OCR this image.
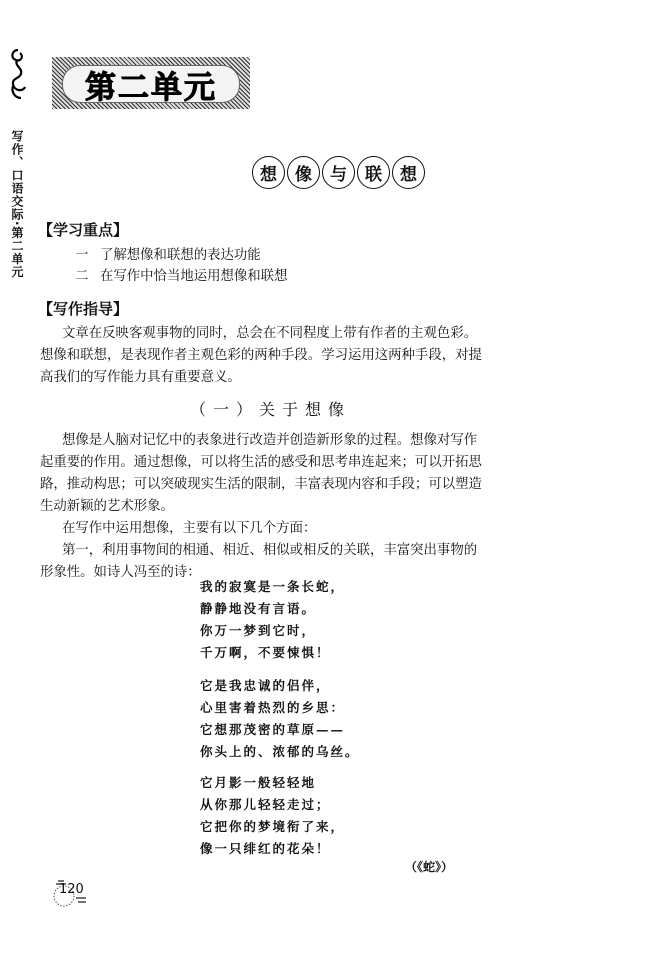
第二单元
写作、口语交际·第二单元	想	像	与	联	想
【学习重点】
一 了解想像和联想的表达功能
二 在写作中恰当地运用想像和联想
【写作指导】
文章在反映客观事物的同时，总会在不同程度上带有作者的主观色彩。
想像和联想，是表现作者主观色彩的两种手段。学习运用这两种手段，对提
高我们的写作能力具有重要意义。
（一）关于想像
想像是人脑对记忆中的表象进行改造并创造新形象的过程。想像对写作
起重要的作用。通过想像，可以将生活的感受和思考串连起来；可以开拓思
路，推动构思；可以突破现实生活的限制，丰富表现内容和手段；可以塑造
生动新颖的艺术形象。
在写作中运用想像，主要有以下几个方面：
第一，利用事物间的相通、相近、相似或相反的关联，丰富突出事物的
形象性。如诗人冯至的诗：
我的寂寞是一条长蛇，
静静地没有言语。
你万一梦到它时，
千万啊，不要悚惧！
它是我忠诚的侣伴，
心里害着热烈的乡思：
它想那茂密的草原——
你头上的、浓郁的乌丝。
它月影一般轻轻地
从你那儿轻轻走过；
它把你的梦境衔了来，
像一只绯红的花朵！
（《蛇》）
120
